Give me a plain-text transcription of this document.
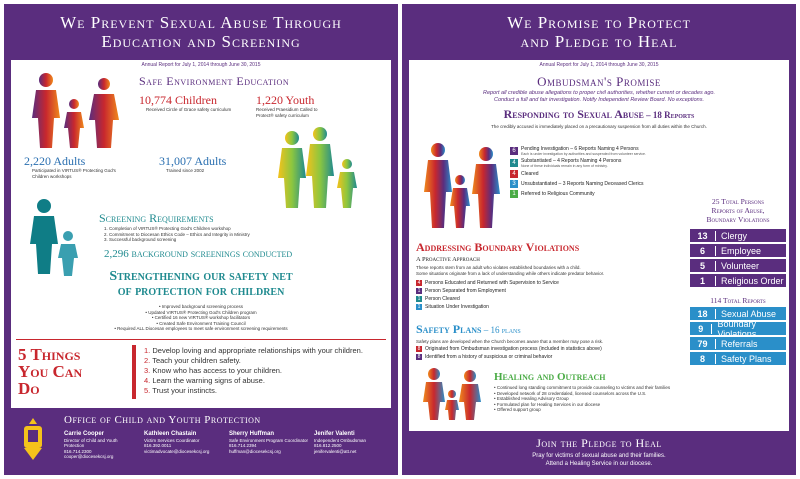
We Prevent Sexual Abuse Through
Education and Screening
Annual Report for July 1, 2014 through June 30, 2015
Safe Environment Education
10,774 Children
Received Circle of Grace safety curriculum
1,220 Youth
Received Praesidium Called to Protect® safety curriculum
2,220 Adults
Participated in VIRTUS® Protecting God's Children workshops
31,007 Adults
Trained since 2002
Screening Requirements
1. Completion of VIRTUS® Protecting God's Children workshop
2. Commitment to Diocesan Ethics Code – Ethics and Integrity in Ministry
3. Successful background screening
2,296 background screenings conducted
Strengthening our safety net
of protection for children
• Improved background screening process
• Updated VIRTUS® Protecting God's Children program
• Certified 16 new VIRTUS® workshop facilitators
• Created Safe Environment Training Council
• Required ALL Diocesan employees to meet safe environment screening requirements
5 Things
You Can
Do
1. Develop loving and appropriate relationships with your children.
2. Teach your children safety.
3. Know who has access to your children.
4. Learn the warning signs of abuse.
5. Trust your instincts.
Office of Child and Youth Protection
Carrie Cooper
Director of Child and Youth Protection
816.714.2300
cooper@diocesekcsj.org
Kathleen Chastain
Victim Services Coordinator
816.392.0011
victimadvocate@diocesekcsj.org
Sherry Huffman
Safe Environment Program Coordinator
816.714.2394
huffman@diocesekcsj.org
Jenifer Valenti
Independent Ombudsman
816.812.2500
jenifervalenti@att.net
We Promise to Protect
and Pledge to Heal
Annual Report for July 1, 2014 through June 30, 2015
Ombudsman's Promise
Report all credible abuse allegations to proper civil authorities, whether current or decades ago.
Conduct a full and fair investigation. Notify Independent Review Board. No exceptions.
Responding to Sexual Abuse – 18 Reports
The credibly accused is immediately placed on a precautionary suspension from all duties within the Church.
6	Pending Investigation – 6 Reports Naming 4 Persons
Each is under investigation by authorities and suspended from volunteer service.
4	Substantiated – 4 Reports Naming 4 Persons
None of these individuals remain in any form of ministry.
4	Cleared
3	Unsubstantiated – 3 Reports Naming Deceased Clerics
1	Referred to Religious Community
25 Total Persons
Reports of Abuse,
Boundary Violations
13	Clergy
6	Employee
5	Volunteer
1	Religious Order
Addressing Boundary Violations
A Proactive Approach
These reports stem from an adult who violates established boundaries with a child.
Some situations originate from a lack of understanding while others indicate predator behavior.
4 Persons Educated and Returned with Supervision to Service
1 Person Separated from Employment
1 Person Cleared
1 Situation Under Investigation
114 Total Reports
18	Sexual Abuse
9	Boundary Violations
79	Referrals
8	Safety Plans
Safety Plans – 16 plans
Safety plans are developed when the Church becomes aware that a member may pose a risk.
8 Originated from Ombudsman investigation process (included in statistics above)
8 Identified from a history of suspicious or criminal behavior
Healing and Outreach
• Continued long standing commitment to provide counseling to victims and their families
• Developed network of 28 credentialed, licensed counselors across the U.S.
• Established Healing Advisory Group
• Formulated plan for Healing Services in our diocese
• Offered support group
Join the Pledge to Heal
Pray for victims of sexual abuse and their families.
Attend a Healing Service in our diocese.
